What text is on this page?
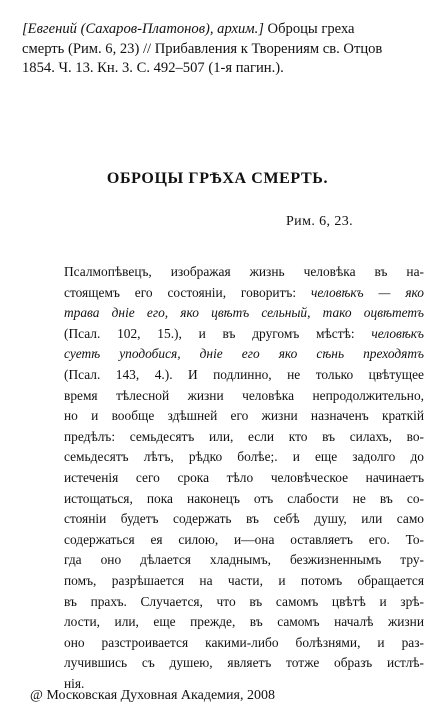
[Евгений (Сахаров-Платонов), архим.] Оброцы греха
смерть (Рим. 6, 23) // Прибавления к Творениям св. Отцов
1854. Ч. 13. Кн. 3. С. 492–507 (1-я пагин.).
ОБРОЦЫ ГРѢХА СМЕРТЬ.
Рим. 6, 23.
Псалмопѣвецъ, изображая жизнь человѣка въ на-
стоящемъ его состояніи, говоритъ: человѣкъ — яко
трава дніе его, яко цвѣтъ сельный, тако оцвѣтетъ
(Псал. 102, 15.), и въ другомъ мѣстѣ: человѣкъ
суетѣ уподобися, дніе его яко сѣнь преходятъ
(Псал. 143, 4.). И подлинно, не только цвѣтущее
время тѣлесной жизни человѣка непродолжительно,
но и вообще здѣшней его жизни назначенъ краткій
предѣлъ: семьдесятъ или, если кто въ силахъ, во-
семьдесятъ лѣтъ, рѣдко болѣе;. и еще задолго до
истеченія сего срока тѣло человѣческое начинаетъ
истощаться, пока наконецъ отъ слабости не въ со-
стояніи будетъ содержать въ себѣ душу, или само
содержаться ея силою, и—она оставляетъ его. То-
гда оно дѣлается хладнымъ, безжизненнымъ тру-
помъ, разрѣшается на части, и потомъ обращается
въ прахъ. Случается, что въ самомъ цвѣтѣ и зрѣ-
лости, или, еще прежде, въ самомъ началѣ жизни
оно разстроивается какими-либо болѣзнями, и раз-
лучившись съ душею, являетъ тотже образъ истлѣ-
нія.
@ Московская Духовная Академия, 2008
